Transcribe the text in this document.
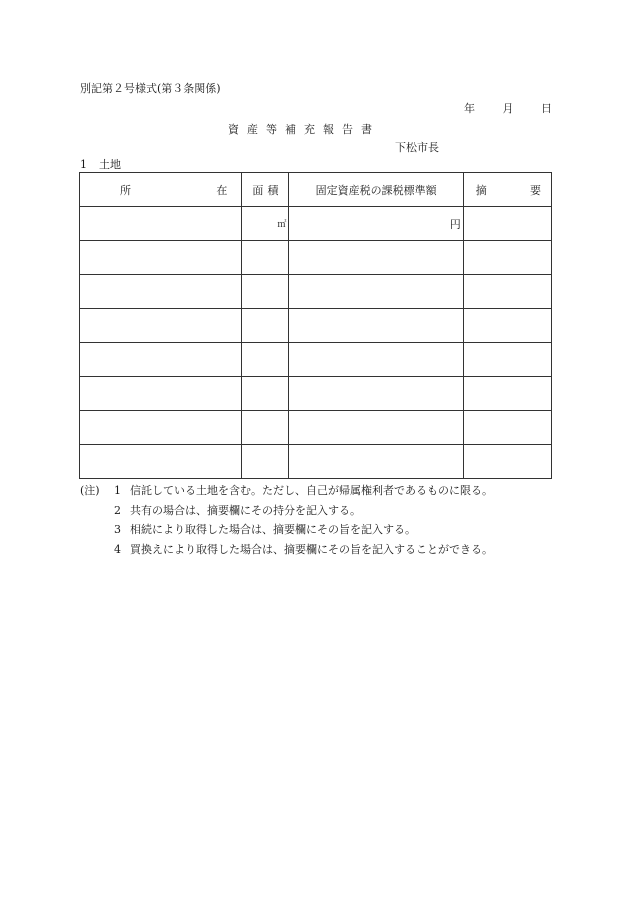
別記第２号様式(第３条関係)
年	月	日
資産等補充報告書
下松市長
1 土地
所 在	面 積	固定資産税の課税標準額	摘 要

	㎡	円	

(注)	1 信託している土地を含む。ただし、自己が帰属権利者であるものに限る。
2 共有の場合は、摘要欄にその持分を記入する。
3 相続により取得した場合は、摘要欄にその旨を記入する。
4 買換えにより取得した場合は、摘要欄にその旨を記入することができる。
